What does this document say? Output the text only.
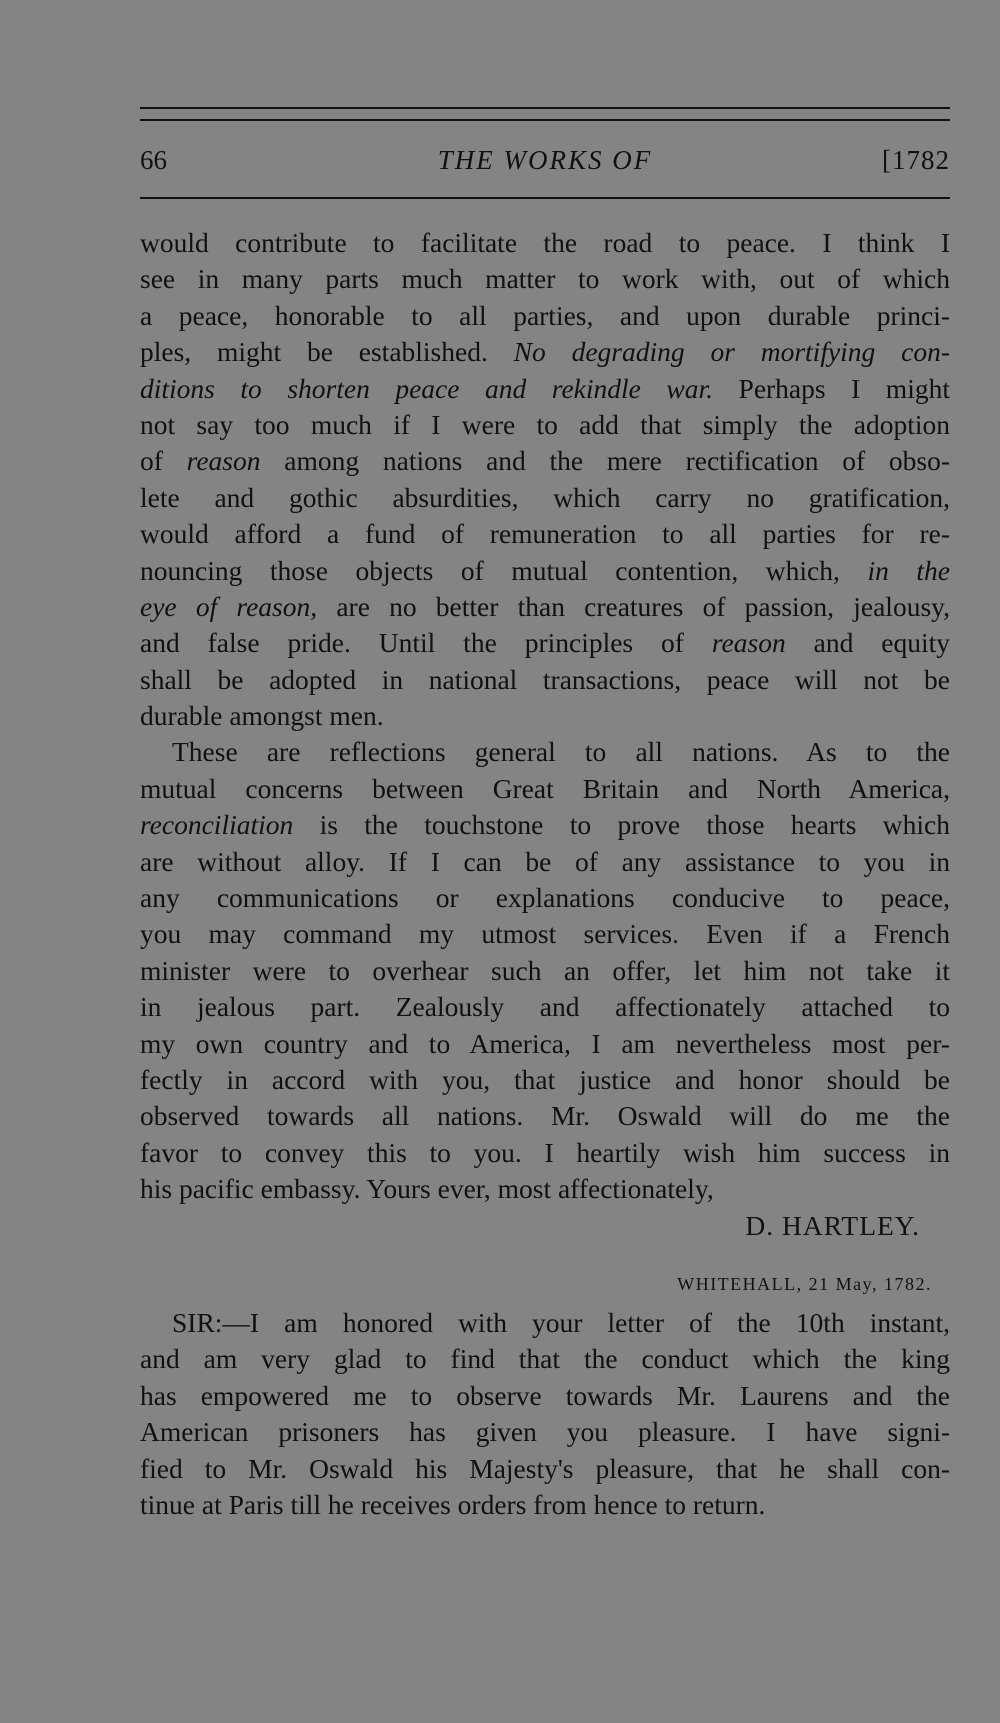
66	THE WORKS OF	[1782
would contribute to facilitate the road to peace. I think I
see in many parts much matter to work with, out of which
a peace, honorable to all parties, and upon durable princi-
ples, might be established. No degrading or mortifying con-
ditions to shorten peace and rekindle war. Perhaps I might
not say too much if I were to add that simply the adoption
of reason among nations and the mere rectification of obso-
lete and gothic absurdities, which carry no gratification,
would afford a fund of remuneration to all parties for re-
nouncing those objects of mutual contention, which, in the
eye of reason, are no better than creatures of passion, jealousy,
and false pride. Until the principles of reason and equity
shall be adopted in national transactions, peace will not be
durable amongst men.
These are reflections general to all nations. As to the
mutual concerns between Great Britain and North America,
reconciliation is the touchstone to prove those hearts which
are without alloy. If I can be of any assistance to you in
any communications or explanations conducive to peace,
you may command my utmost services. Even if a French
minister were to overhear such an offer, let him not take it
in jealous part. Zealously and affectionately attached to
my own country and to America, I am nevertheless most per-
fectly in accord with you, that justice and honor should be
observed towards all nations. Mr. Oswald will do me the
favor to convey this to you. I heartily wish him success in
his pacific embassy. Yours ever, most affectionately,
D. HARTLEY.
WHITEHALL, 21 May, 1782.
SIR:—I am honored with your letter of the 10th instant,
and am very glad to find that the conduct which the king
has empowered me to observe towards Mr. Laurens and the
American prisoners has given you pleasure. I have signi-
fied to Mr. Oswald his Majesty's pleasure, that he shall con-
tinue at Paris till he receives orders from hence to return.
